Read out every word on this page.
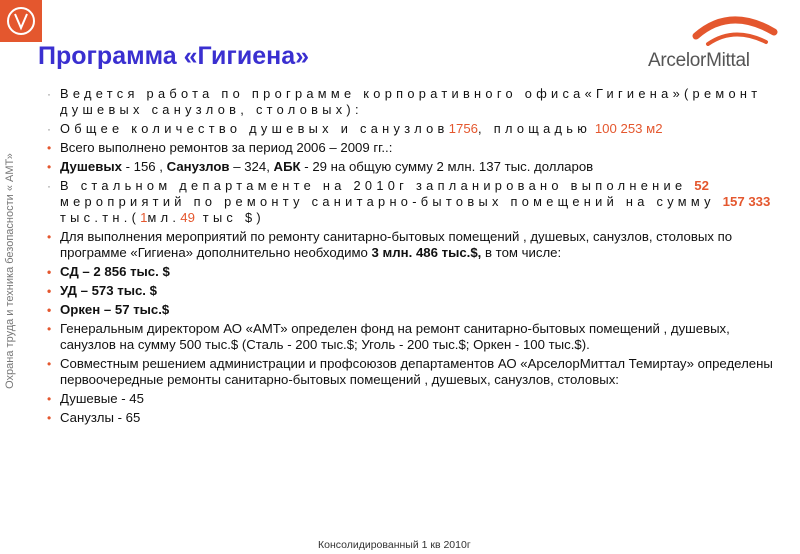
Охрана труда и техника безопасности « АМТ»
Программа «Гигиена»	ArcelorMittal
· Ведется работа по программе корпоративного офиса«Гигиена»(ремонт душевых санузлов, столовых):
· Общее количество душевых и санузлов1756, площадью 100 253 м2
• Всего выполнено ремонтов за период 2006 – 2009 гг..:
• Душевых - 156 , Санузлов – 324, АБК - 29 на общую сумму 2 млн. 137 тыс. долларов
· В стальном департаменте на 2010г запланировано выполнение 52 мероприятий по ремонту санитарно-бытовых помещений на сумму 157 333 тыс.тн.(1мл.49 тыс $)
• Для выполнения мероприятий по ремонту санитарно-бытовых помещений , душевых, санузлов, столовых по программе «Гигиена» дополнительно необходимо 3 млн. 486 тыс.$, в том числе:
• СД – 2 856 тыс. $
• УД – 573 тыс. $
• Оркен – 57 тыс.$
• Генеральным директором АО «АМТ» определен фонд на ремонт санитарно-бытовых помещений , душевых, санузлов на сумму 500 тыс.$ (Сталь - 200 тыс.$; Уголь - 200 тыс.$; Оркен - 100 тыс.$).
• Совместным решением администрации и профсоюзов департаментов АО «АрселорМиттал Темиртау» определены первоочередные ремонты санитарно-бытовых помещений , душевых, санузлов, столовых:
• Душевые - 45
• Санузлы - 65
Консолидированный 1 кв 2010г
